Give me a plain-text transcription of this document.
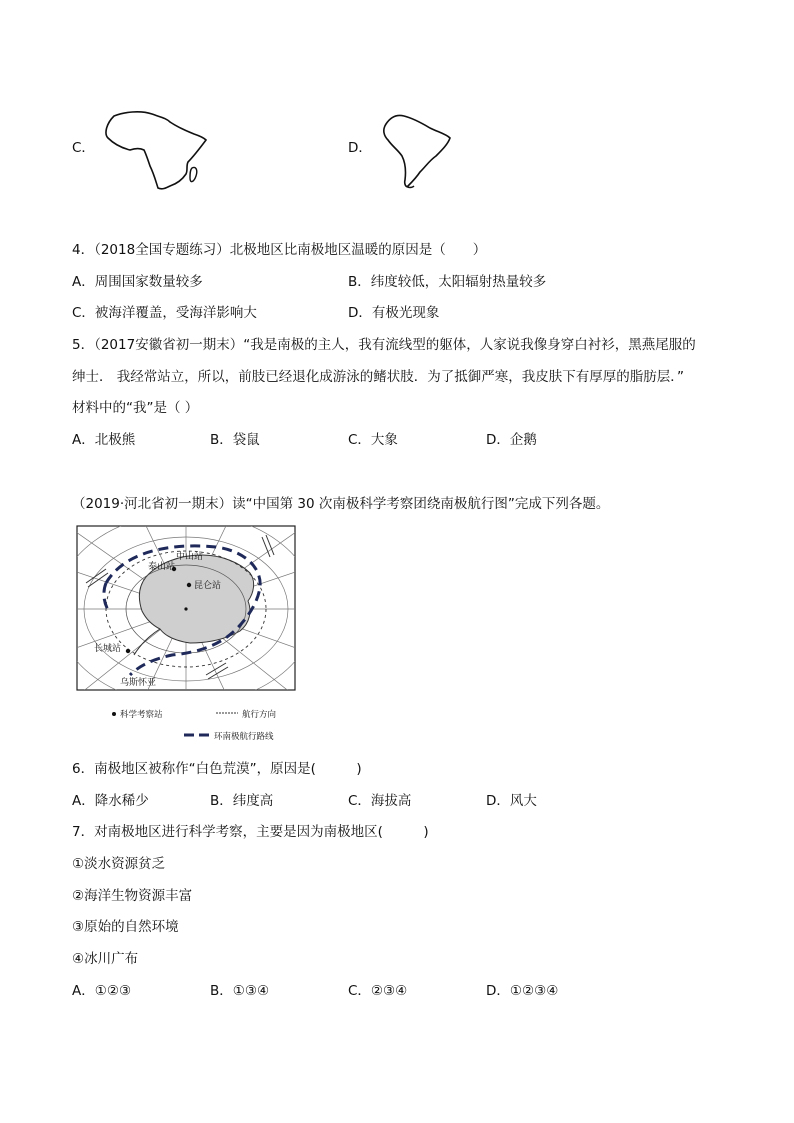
C．	D．
4．（2018全国专题练习）北极地区比南极地区温暖的原因是（　　）
A．周围国家数量较多	B．纬度较低，太阳辐射热量较多
C．被海洋覆盖，受海洋影响大	D．有极光现象
5．（2017安徽省初一期末）“我是南极的主人，我有流线型的躯体，人家说我像身穿白衬衫，黑燕尾服的
绅士． 我经常站立，所以，前肢已经退化成游泳的鳍状肢．为了抵御严寒，我皮肤下有厚厚的脂肪层．”
材料中的“我”是（ ）
A．北极熊	B．袋鼠	C．大象	D．企鹅
（2019·河北省初一期末）读“中国第 30 次南极科学考察团绕南极航行图”完成下列各题。
泰山站
中山站
昆仑站
长城站
乌斯怀亚
科学考察站	航行方向
环南极航行路线
6．南极地区被称作“白色荒漠”，原因是(　　　)
A．降水稀少	B．纬度高	C．海拔高	D．风大
7．对南极地区进行科学考察，主要是因为南极地区(　　　)
①淡水资源贫乏
②海洋生物资源丰富
③原始的自然环境
④冰川广布
A．①②③	B．①③④	C．②③④	D．①②③④
